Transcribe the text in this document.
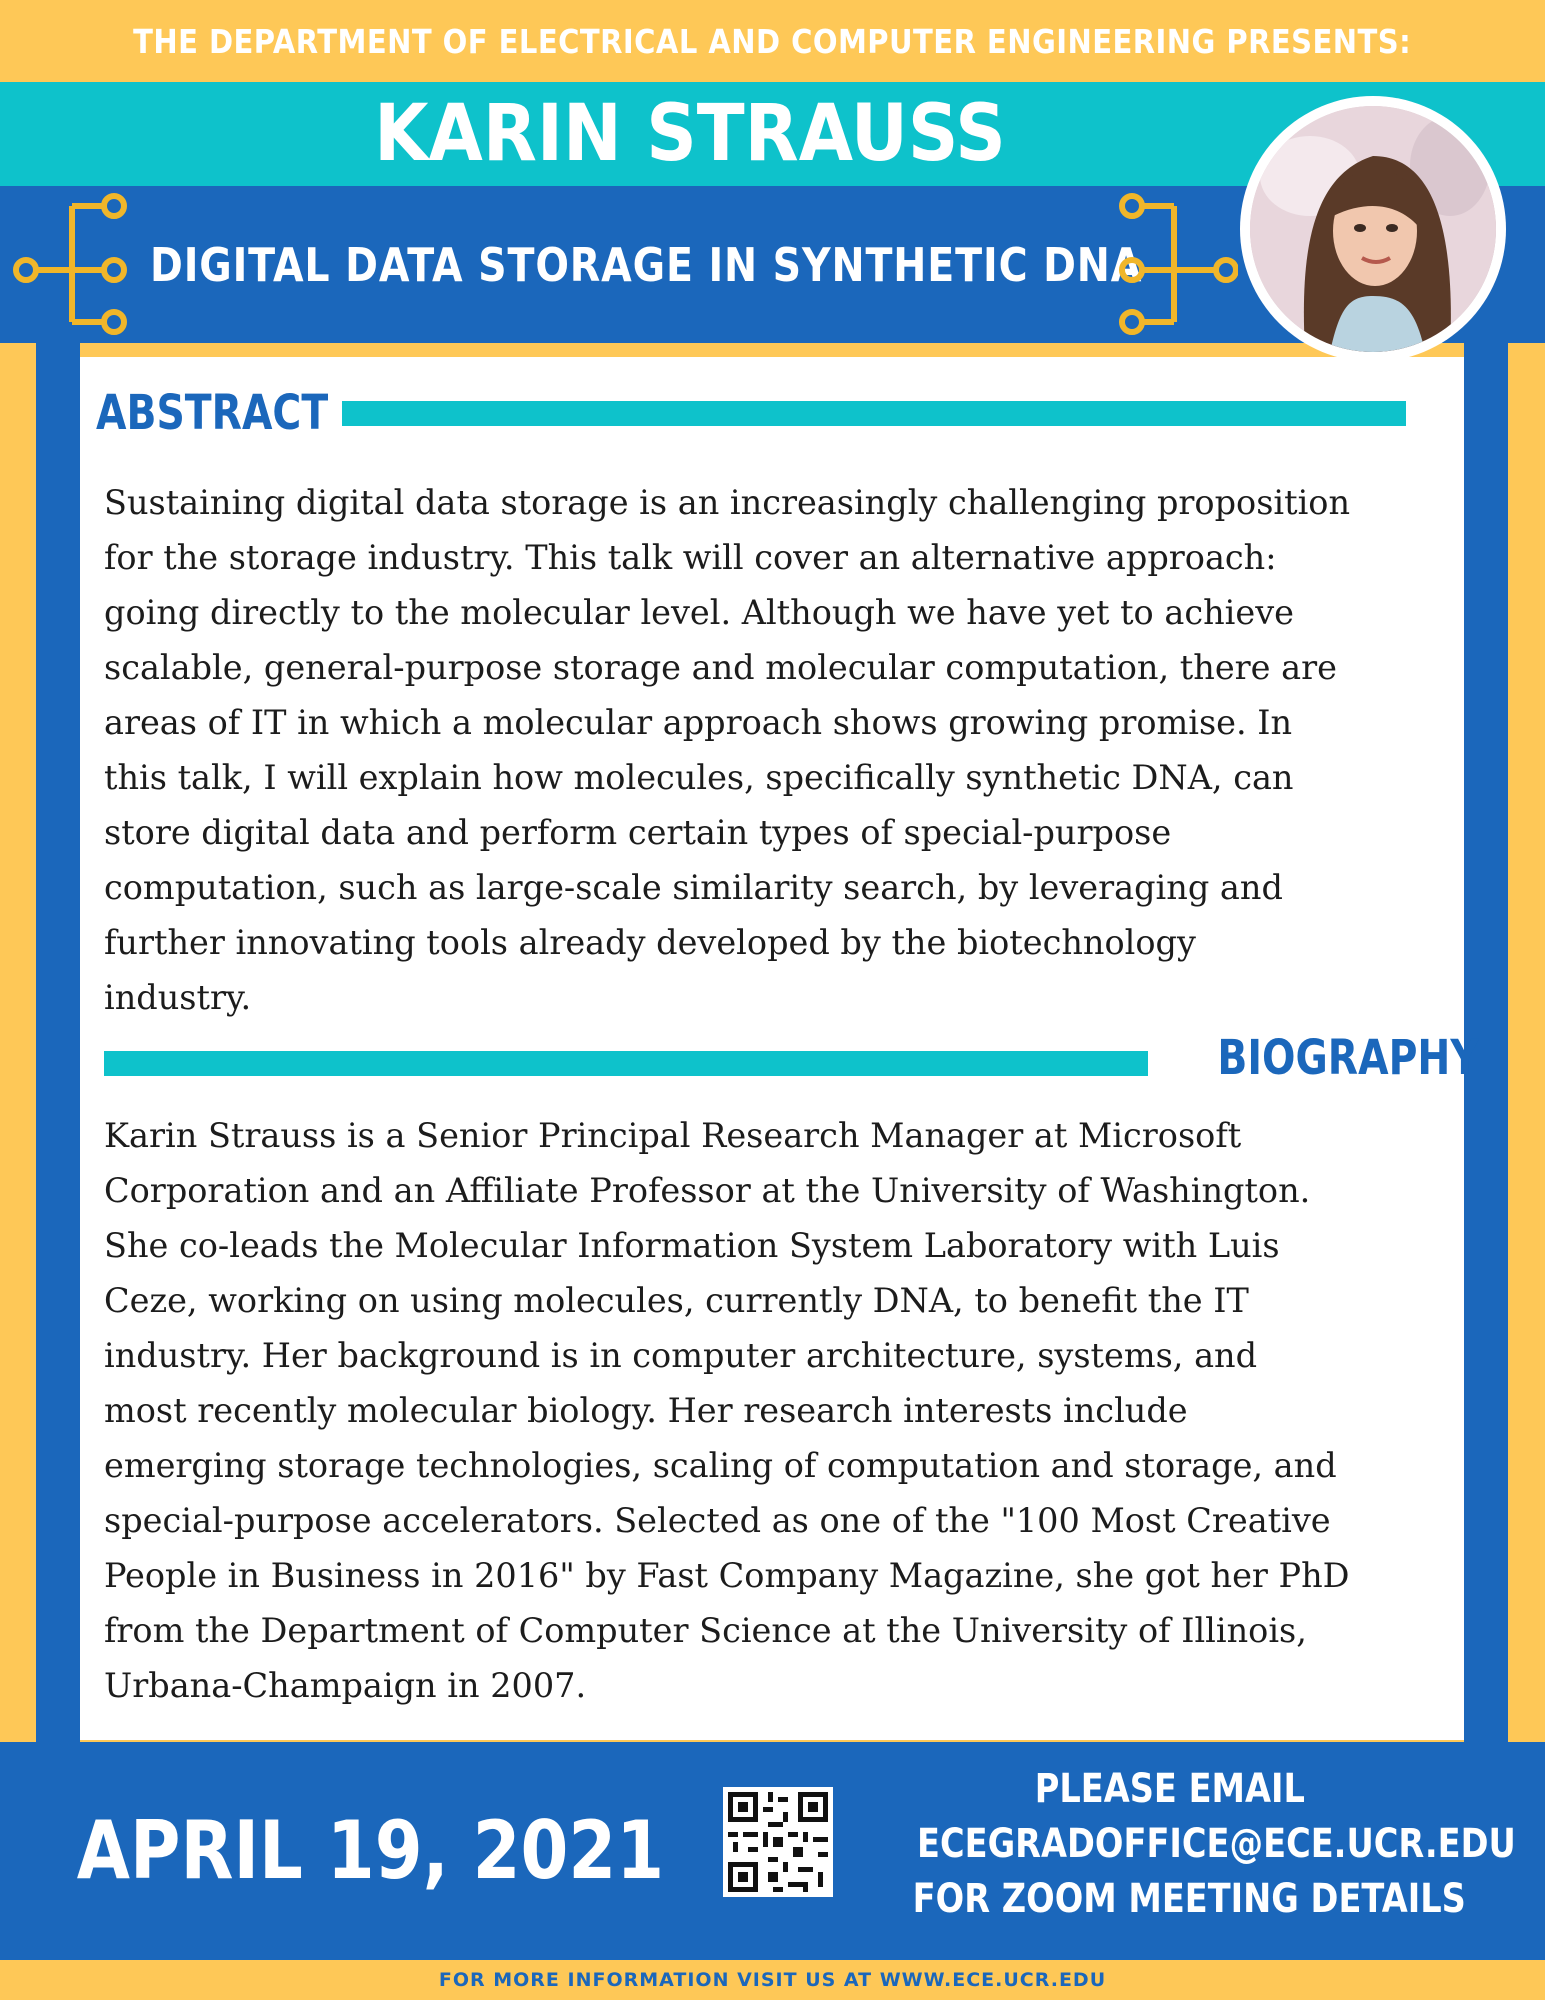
THE DEPARTMENT OF ELECTRICAL AND COMPUTER ENGINEERING PRESENTS:
KARIN STRAUSS
DIGITAL DATA STORAGE IN SYNTHETIC DNA
ABSTRACT
Sustaining digital data storage is an increasingly challenging proposition
for the storage industry. This talk will cover an alternative approach:
going directly to the molecular level. Although we have yet to achieve
scalable, general-purpose storage and molecular computation, there are
areas of IT in which a molecular approach shows growing promise. In
this talk, I will explain how molecules, specifically synthetic DNA, can
store digital data and perform certain types of special-purpose
computation, such as large-scale similarity search, by leveraging and
further innovating tools already developed by the biotechnology
industry.
BIOGRAPHY
Karin Strauss is a Senior Principal Research Manager at Microsoft
Corporation and an Affiliate Professor at the University of Washington.
She co-leads the Molecular Information System Laboratory with Luis
Ceze, working on using molecules, currently DNA, to benefit the IT
industry. Her background is in computer architecture, systems, and
most recently molecular biology. Her research interests include
emerging storage technologies, scaling of computation and storage, and
special-purpose accelerators. Selected as one of the "100 Most Creative
People in Business in 2016" by Fast Company Magazine, she got her PhD
from the Department of Computer Science at the University of Illinois,
Urbana-Champaign in 2007.
APRIL 19, 2021
PLEASE EMAIL
ECEGRADOFFICE@ECE.UCR.EDU
FOR ZOOM MEETING DETAILS
FOR MORE INFORMATION VISIT US AT WWW.ECE.UCR.EDU
